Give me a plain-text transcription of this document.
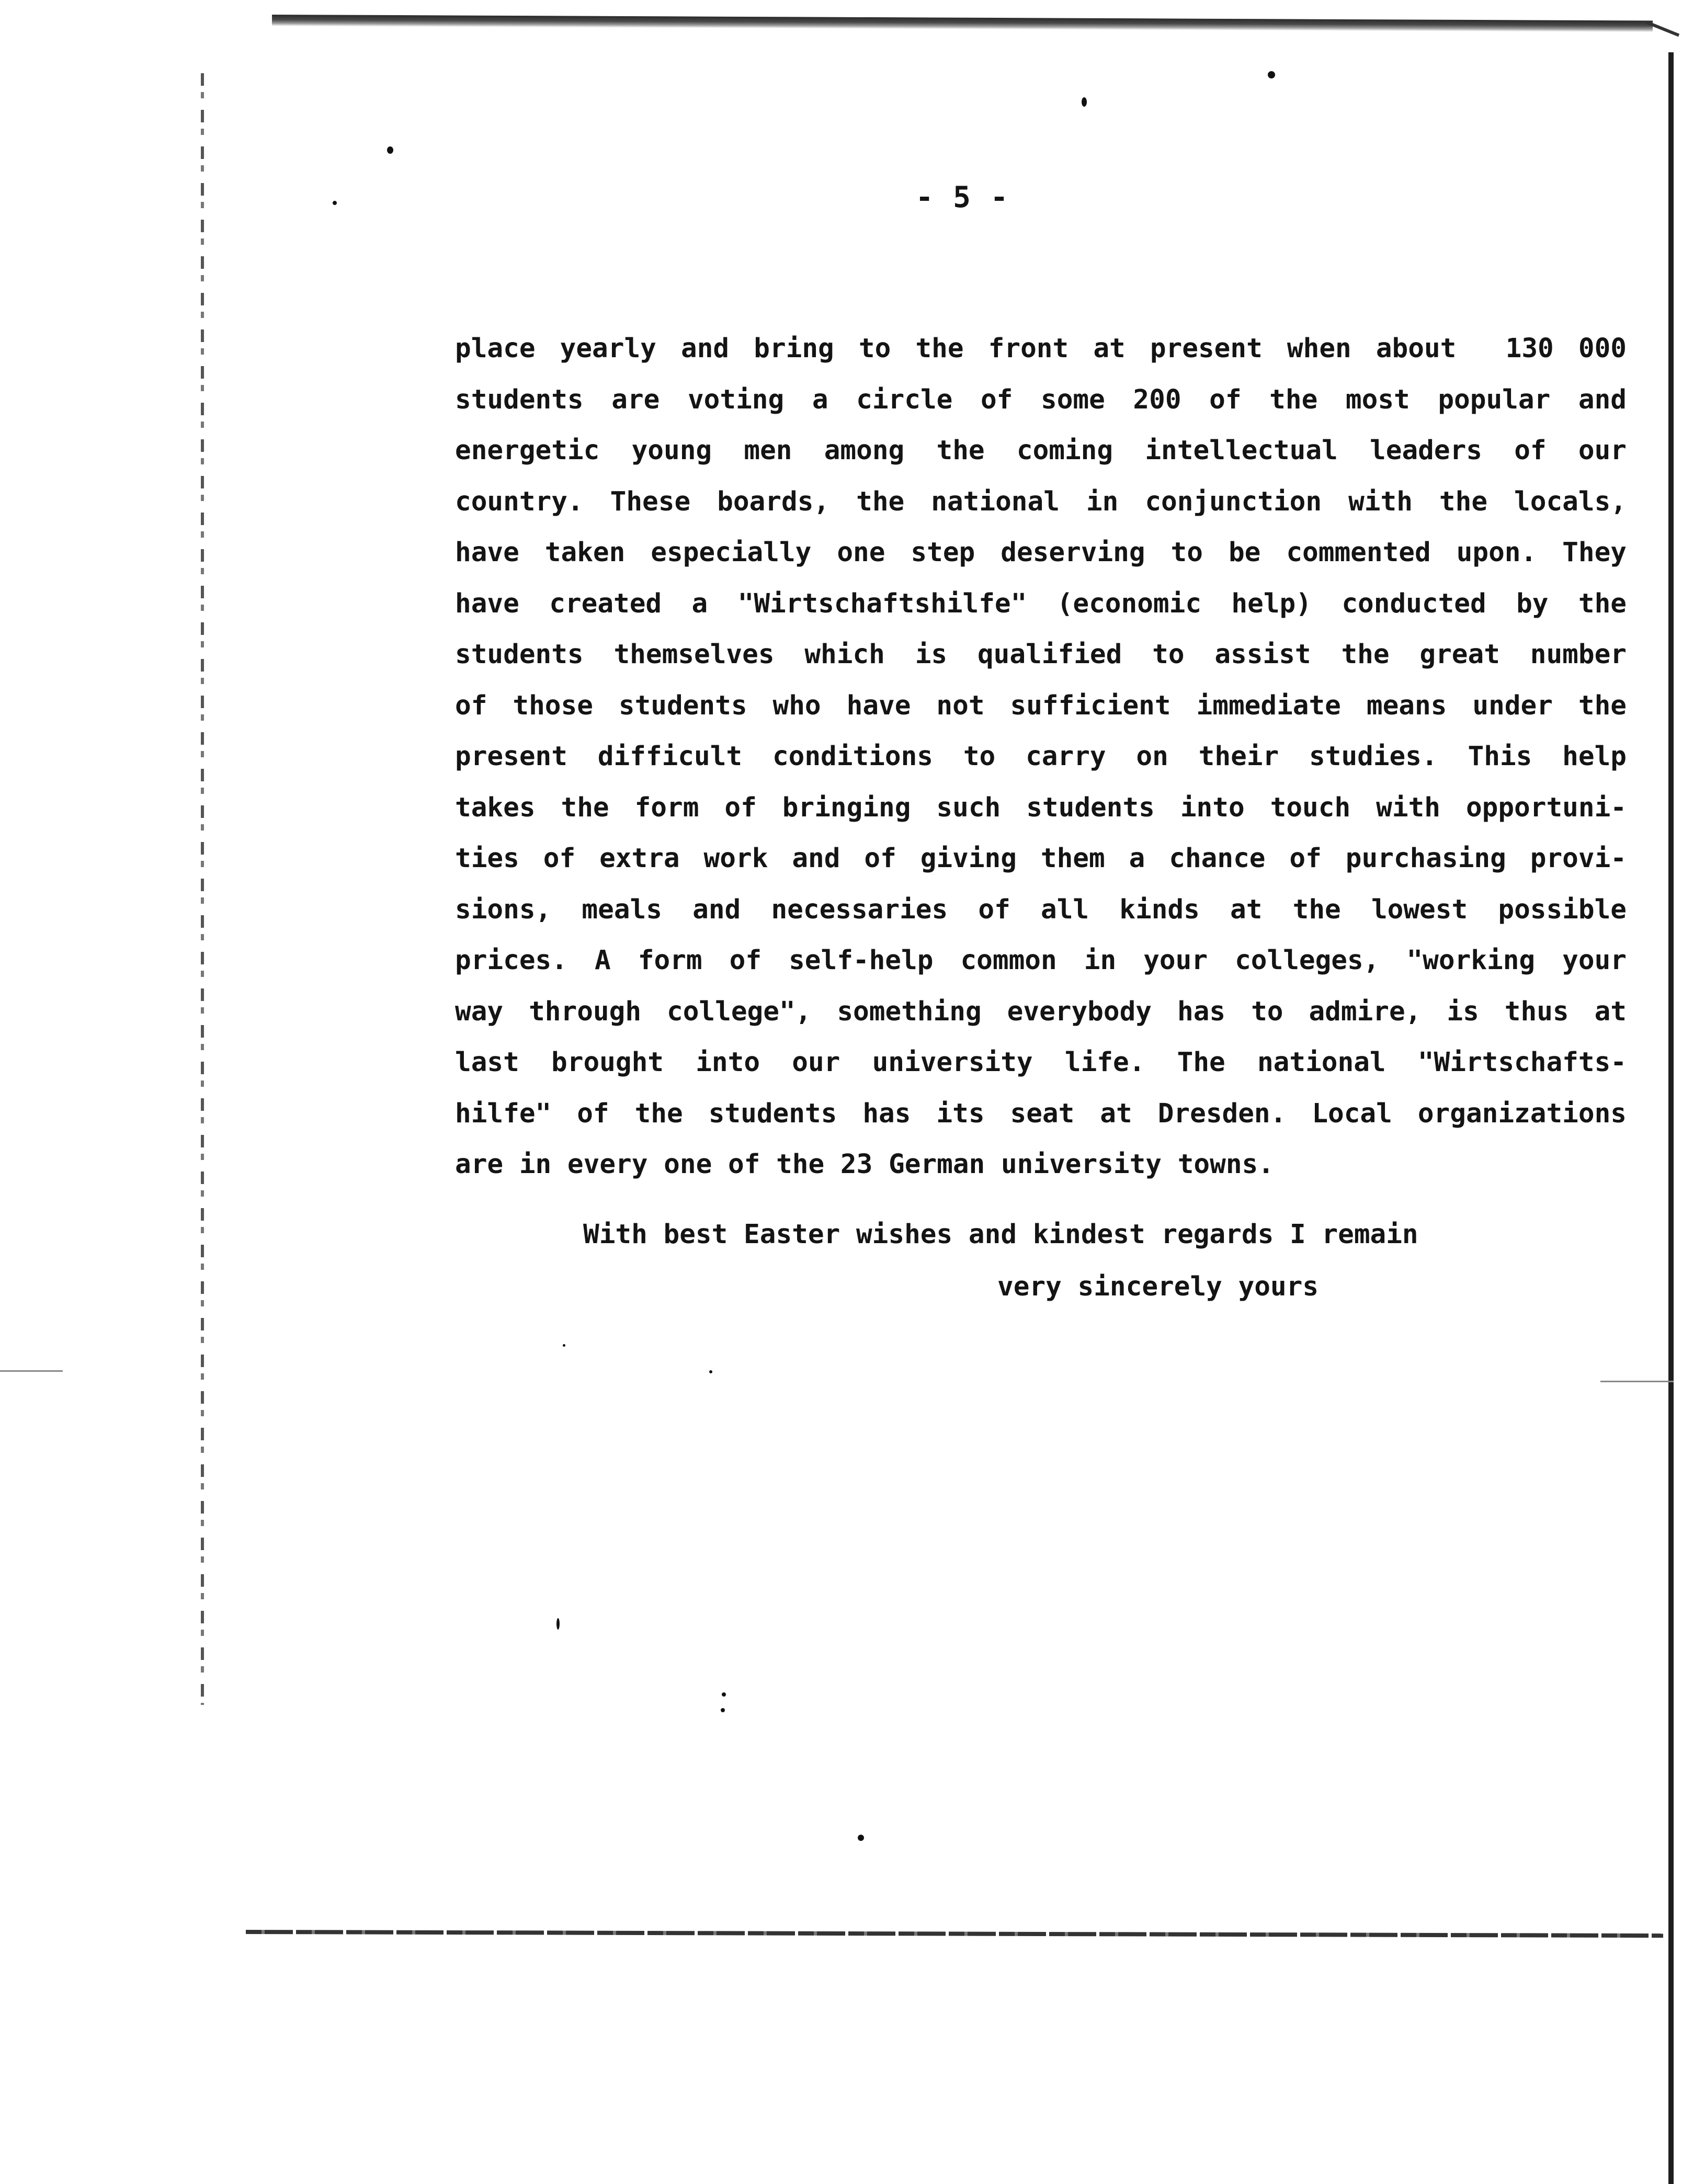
- 5 -
place yearly and bring to the front at present when about  130 000
students are voting a circle of some 200 of the most popular and
energetic young men among the coming intellectual leaders of our
country. These boards, the national in conjunction with the locals,
have taken especially one step deserving to be commented upon. They
have created a "Wirtschaftshilfe" (economic help) conducted by the
students themselves which is qualified to assist the great number
of those students who have not sufficient immediate means under the
present difficult conditions to carry on their studies. This help
takes the form of bringing such students into touch with opportuni-
ties of extra work and of giving them a chance of purchasing provi-
sions, meals and necessaries of all kinds at the lowest possible
prices. A form of self-help common in your colleges, "working your
way through college", something everybody has to admire, is thus at
last brought into our university life. The national "Wirtschafts-
hilfe" of the students has its seat at Dresden. Local organizations
are in every one of the 23 German university towns.
With best Easter wishes and kindest regards I remain
very sincerely yours
